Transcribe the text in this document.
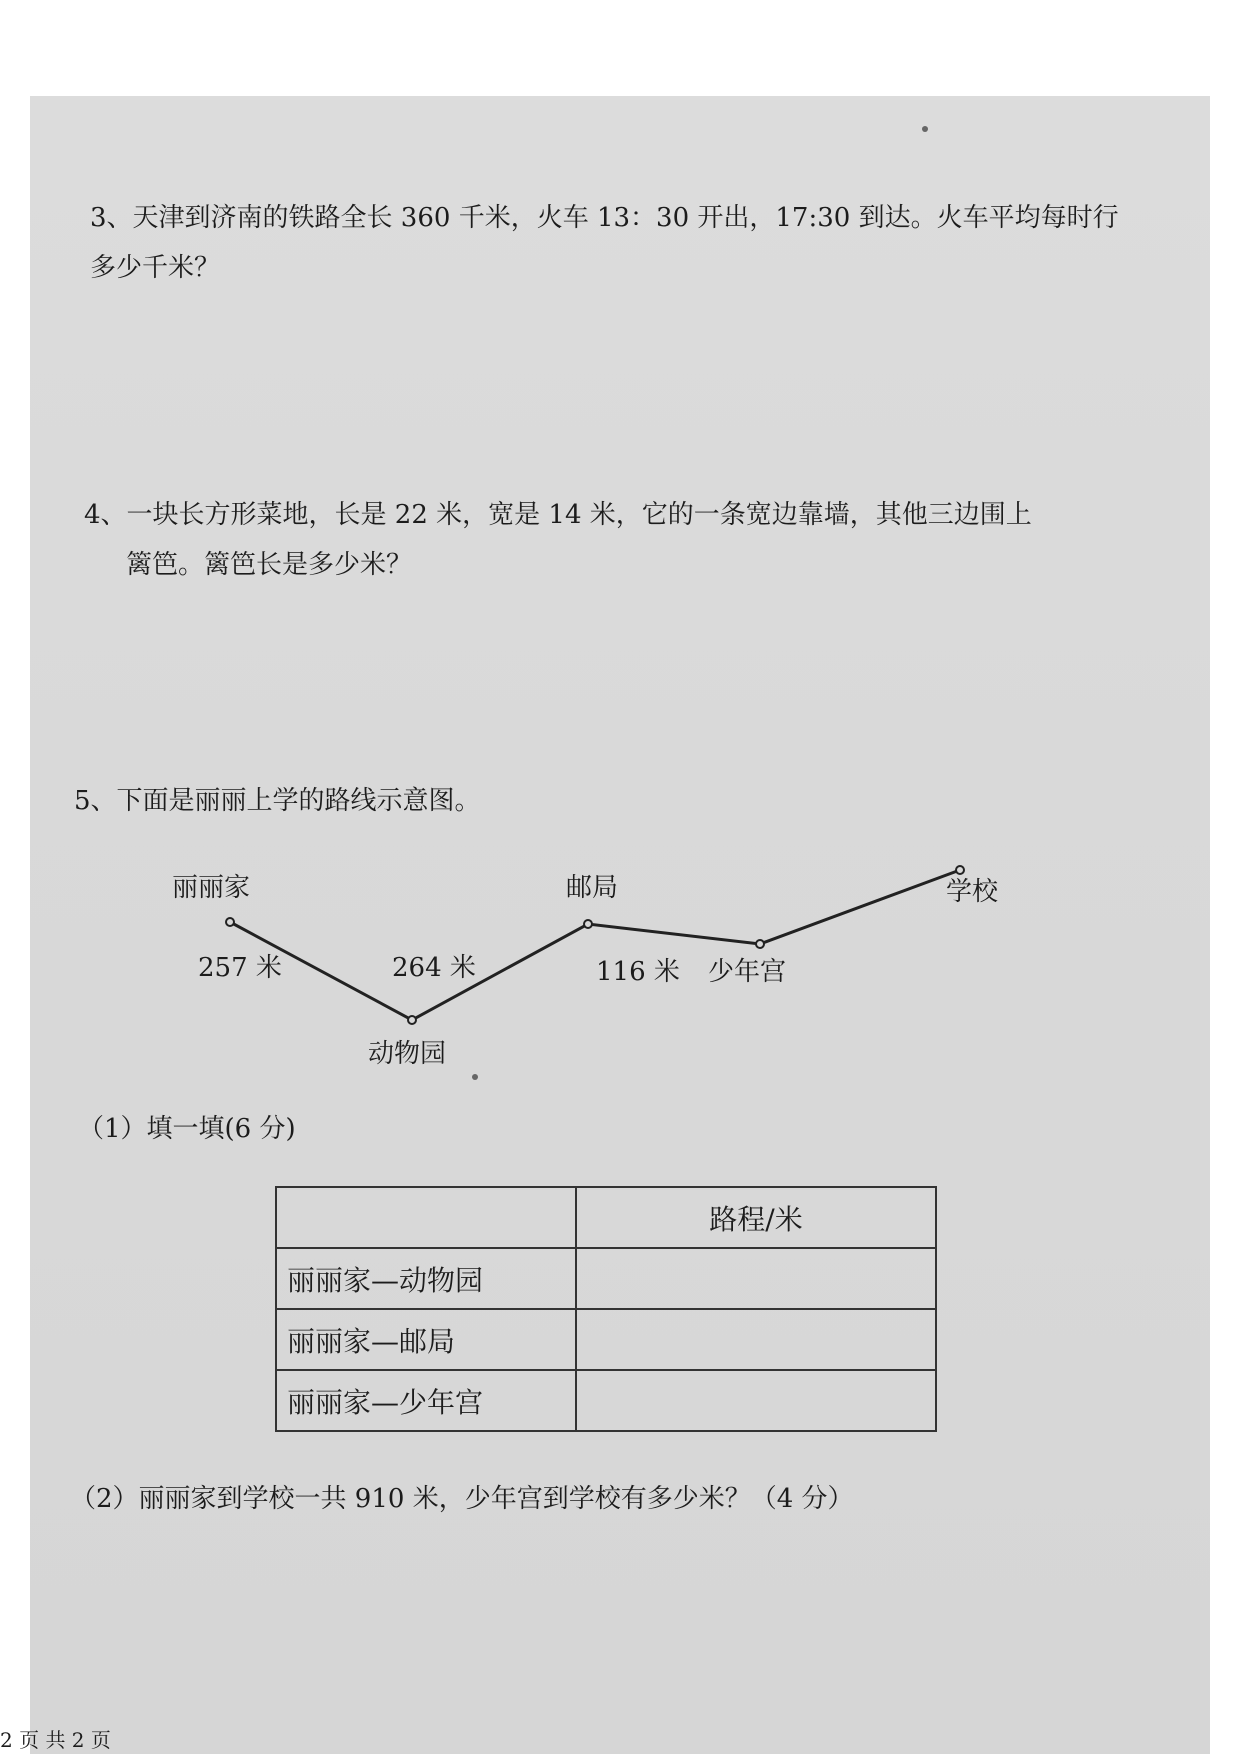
3、天津到济南的铁路全长 360 千米，火车 13：30 开出，17:30 到达。火车平均每时行多少千米？
4、一块长方形菜地，长是 22 米，宽是 14 米，它的一条宽边靠墙，其他三边围上
篱笆。篱笆长是多少米？
5、下面是丽丽上学的路线示意图。
丽丽家
动物园
邮局
少年宫
学校
257 米	264 米	116 米
（1）填一填(6 分)
	路程/米
丽丽家—动物园	
丽丽家—邮局	
丽丽家—少年宫	
（2）丽丽家到学校一共 910 米，少年宫到学校有多少米？（4 分）
2 页 共 2 页
